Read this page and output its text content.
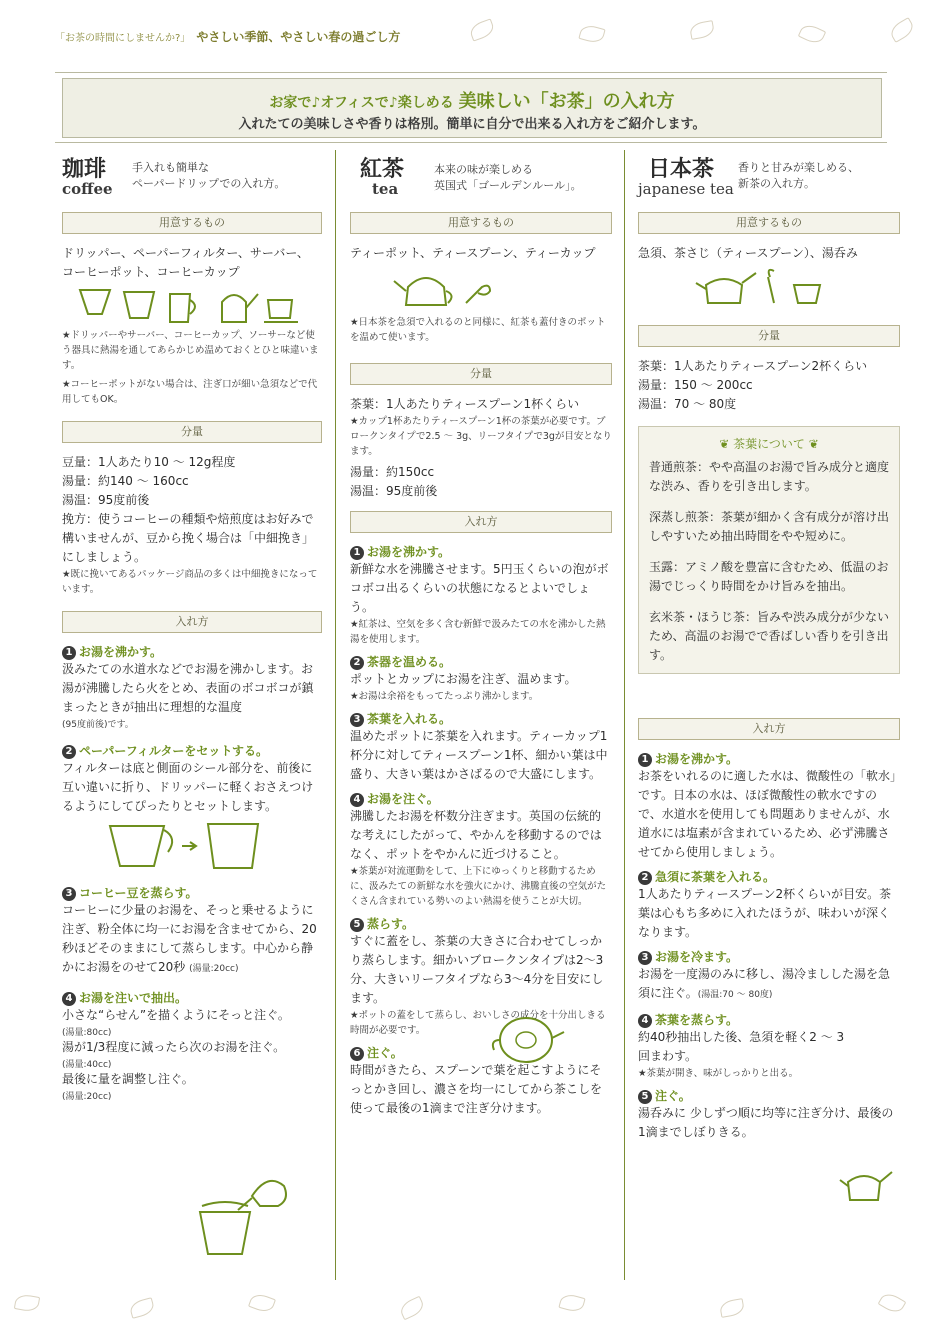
「お茶の時間にしませんか?」 やさしい季節、やさしい春の過ごし方
お家で♪オフィスで♪楽しめる 美味しい「お茶」の入れ方
入れたての美味しさや香りは格別。簡単に自分で出来る入れ方をご紹介します。
珈琲
coffee
手入れも簡単な
ペーパードリップでの入れ方。
用意するもの
ドリッパー、ペーパーフィルター、サーバー、
コーヒーポット、コーヒーカップ
★ドリッパーやサーバー、コーヒーカップ、ソーサーなど使う器具に熱湯を通してあらかじめ温めておくとひと味違います。
★コーヒーポットがない場合は、注ぎ口が細い急須などで代用してもOK。
分量
豆量：1人あたり10 ～ 12g程度
湯量：約140 ～ 160cc
湯温：95度前後
挽方：使うコーヒーの種類や焙煎度はお好みで構いませんが、豆から挽く場合は「中細挽き」にしましょう。
★既に挽いてあるパッケージ商品の多くは中細挽きになっています。
入れ方
1 お湯を沸かす。
汲みたての水道水などでお湯を沸かします。お湯が沸騰したら火をとめ、表面のボコボコが鎮まったときが抽出に理想的な温度
(95度前後)です。
2 ペーパーフィルターをセットする。
フィルターは底と側面のシール部分を、前後に互い違いに折り、ドリッパーに軽くおさえつけるようにしてぴったりとセットします。
3 コーヒー豆を蒸らす。
コーヒーに少量のお湯を、そっと乗せるように注ぎ、粉全体に均一にお湯を含ませてから、20秒ほどそのままにして蒸らします。中心から静かにお湯をのせて20秒 (湯量:20cc)
4 お湯を注いで抽出。
小さな“らせん”を描くようにそっと注ぐ。
(湯量:80cc)
湯が1/3程度に減ったら次のお湯を注ぐ。
(湯量:40cc)
最後に量を調整し注ぐ。
(湯量:20cc)
紅茶
tea
本来の味が楽しめる
英国式「ゴールデンルール」。
用意するもの
ティーポット、ティースプーン、ティーカップ
★日本茶を急須で入れるのと同様に、紅茶も蓋付きのポットを温めて使います。
分量
茶葉：1人あたりティースプーン1杯くらい
★カップ1杯あたりティースプーン1杯の茶葉が必要です。ブロークンタイプで2.5 ～ 3g、リーフタイプで3gが目安となります。
湯量：約150cc
湯温：95度前後
入れ方
1 お湯を沸かす。
新鮮な水を沸騰させます。5円玉くらいの泡がボコボコ出るくらいの状態になるとよいでしょう。
★紅茶は、空気を多く含む新鮮で汲みたての水を沸かした熱湯を使用します。
2 茶器を温める。
ポットとカップにお湯を注ぎ、温めます。
★お湯は余裕をもってたっぷり沸かします。
3 茶葉を入れる。
温めたポットに茶葉を入れます。ティーカップ1杯分に対してティースプーン1杯、細かい葉は中盛り、大きい葉はかさばるので大盛にします。
4 お湯を注ぐ。
沸騰したお湯を杯数分注ぎます。英国の伝統的な考えにしたがって、やかんを移動するのではなく、ポットをやかんに近づけること。
★茶葉が対流運動をして、上下にゆっくりと移動するために、汲みたての新鮮な水を強火にかけ、沸騰直後の空気がたくさん含まれている勢いのよい熱湯を使うことが大切。
5 蒸らす。
すぐに蓋をし、茶葉の大きさに合わせてしっかり蒸らします。細かいブロークンタイプは2～3分、大きいリーフタイプなら3～4分を目安にします。
★ポットの蓋をして蒸らし、おいしさの成分を十分出しきる時間が必要です。
6 注ぐ。
時間がきたら、スプーンで葉を起こすようにそっとかき回し、濃さを均一にしてから茶こしを使って最後の1滴まで注ぎ分けます。
日本茶
japanese tea
香りと甘みが楽しめる、
新茶の入れ方。
用意するもの
急須、茶さじ（ティースプーン）、湯呑み
分量
茶葉：1人あたりティースプーン2杯くらい
湯量：150 ～ 200cc
湯温：70 ～ 80度
❦ 茶葉について ❦
普通煎茶：やや高温のお湯で旨み成分と適度な渋み、香りを引き出します。
深蒸し煎茶：茶葉が細かく含有成分が溶け出しやすいため抽出時間をやや短めに。
玉露：アミノ酸を豊富に含むため、低温のお湯でじっくり時間をかけ旨みを抽出。
玄米茶・ほうじ茶：旨みや渋み成分が少ないため、高温のお湯でで香ばしい香りを引き出す。
入れ方
1 お湯を沸かす。
お茶をいれるのに適した水は、微酸性の「軟水」です。日本の水は、ほぼ微酸性の軟水ですので、水道水を使用しても問題ありませんが、水道水には塩素が含まれているため、必ず沸騰させてから使用しましょう。
2 急須に茶葉を入れる。
1人あたりティースプーン2杯くらいが目安。茶葉は心もち多めに入れたほうが、味わいが深くなります。
3 お湯を冷ます。
お湯を一度湯のみに移し、湯冷ましした湯を急須に注ぐ。(湯温:70 ～ 80度)
4 茶葉を蒸らす。
約40秒抽出した後、急須を軽く2 ～ 3回まわす。
★茶葉が開き、味がしっかりと出る。
5 注ぐ。
湯呑みに 少しずつ順に均等に注ぎ分け、最後の1滴までしぼりきる。
